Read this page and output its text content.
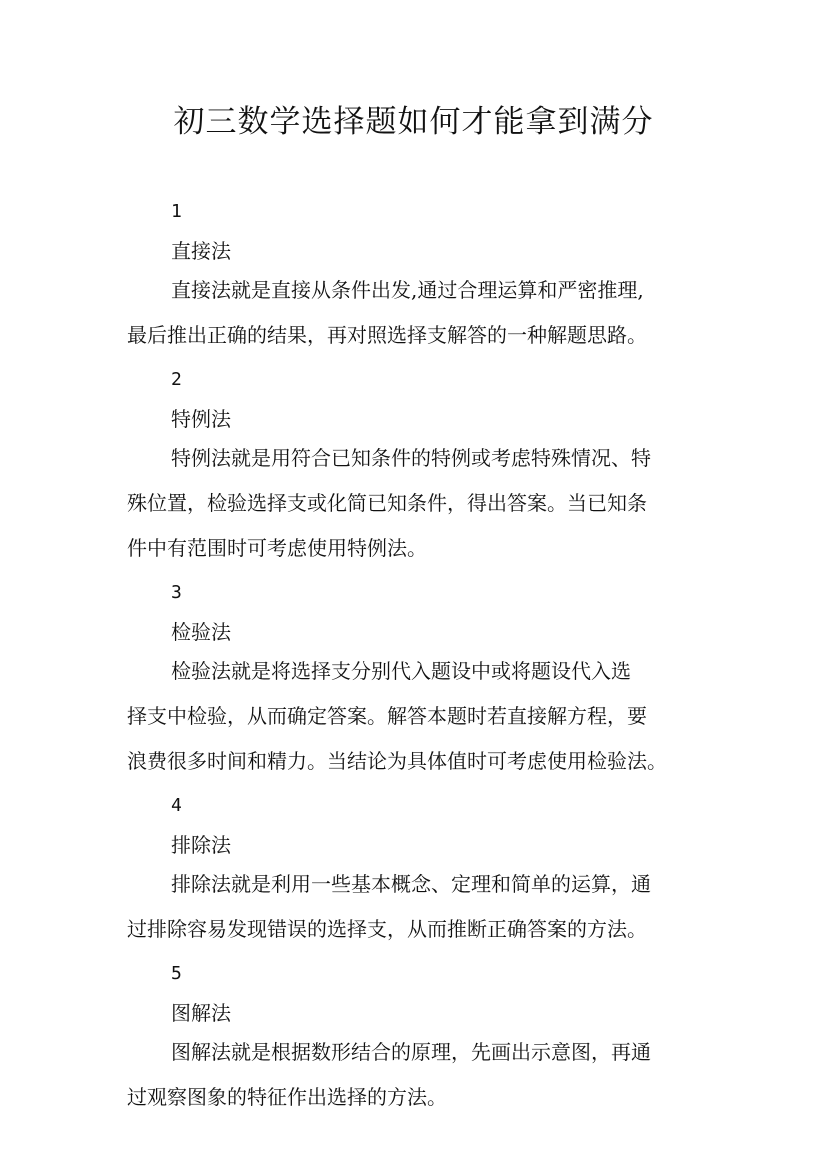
初三数学选择题如何才能拿到满分

1

直接法

直接法就是直接从条件出发,通过合理运算和严密推理,

最后推出正确的结果，再对照选择支解答的一种解题思路。

2

特例法

特例法就是用符合已知条件的特例或考虑特殊情况、特

殊位置，检验选择支或化简已知条件，得出答案。当已知条

件中有范围时可考虑使用特例法。

3

检验法

检验法就是将选择支分别代入题设中或将题设代入选

择支中检验，从而确定答案。解答本题时若直接解方程，要

浪费很多时间和精力。当结论为具体值时可考虑使用检验法。

4

排除法

排除法就是利用一些基本概念、定理和简单的运算，通

过排除容易发现错误的选择支，从而推断正确答案的方法。

5

图解法

图解法就是根据数形结合的原理，先画出示意图，再通

过观察图象的特征作出选择的方法。
